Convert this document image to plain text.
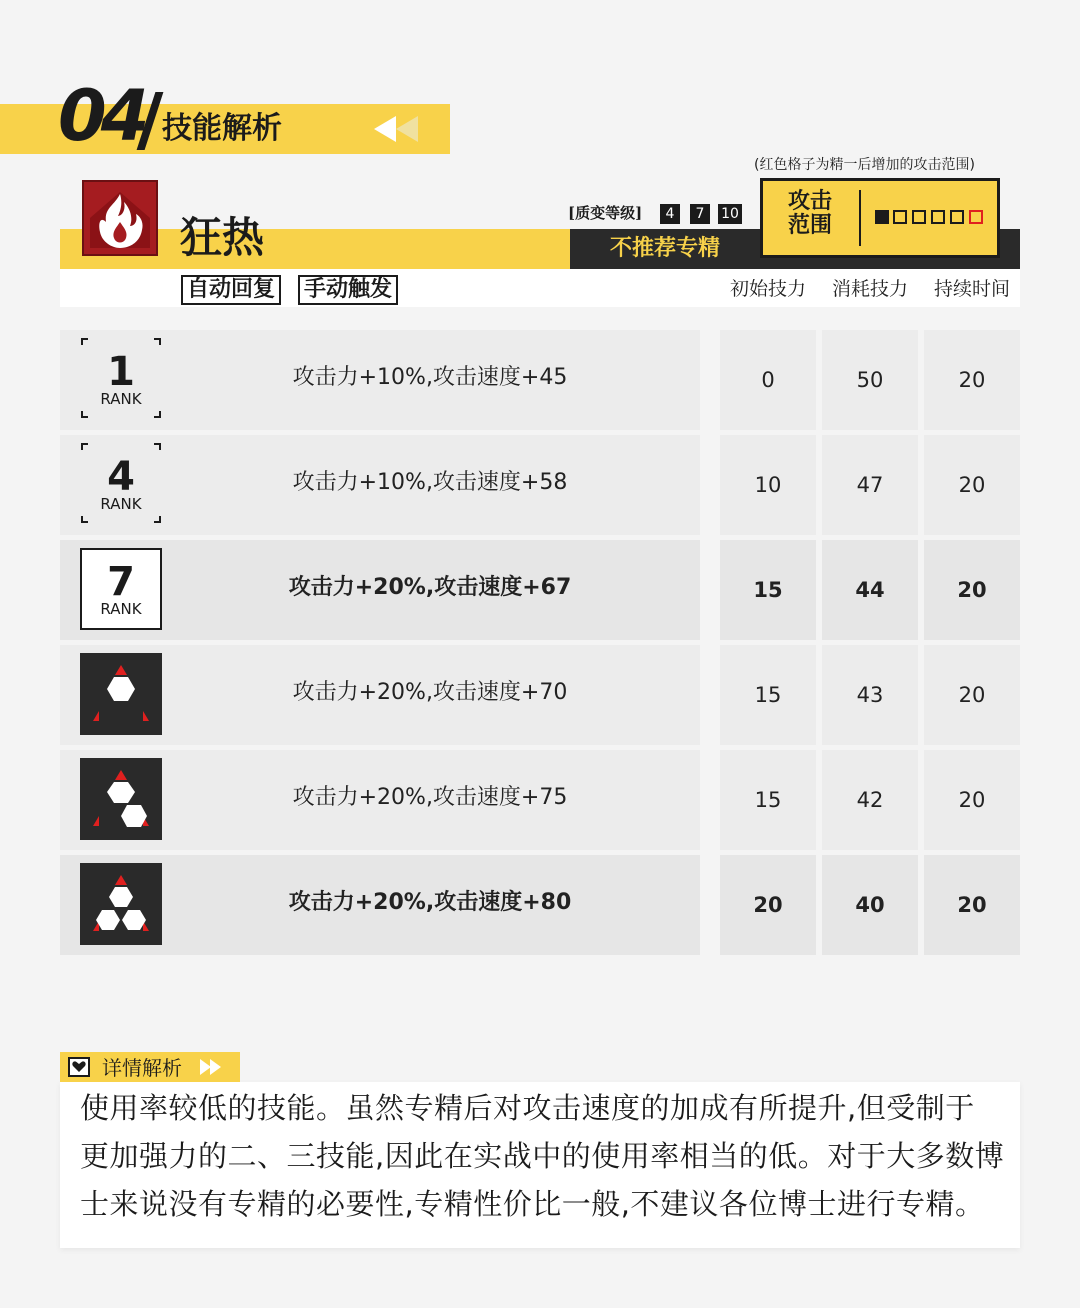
04 技能解析
狂热	不推荐专精
[质变等级]	4	7	10
(红色格子为精一后增加的攻击范围)
攻击
范围
自动回复 手动触发	初始技力	消耗技力	持续时间
1
RANK
攻击力+10%,攻击速度+45	0	50	20
4
RANK
攻击力+10%,攻击速度+58	10	47	20
7
RANK
攻击力+20%,攻击速度+67	15	44	20
攻击力+20%,攻击速度+70	15	43	20
攻击力+20%,攻击速度+75	15	42	20
攻击力+20%,攻击速度+80	20	40	20
详情解析
使用率较低的技能。虽然专精后对攻击速度的加成有所提升,但受制于
更加强力的二、三技能,因此在实战中的使用率相当的低。对于大多数博
士来说没有专精的必要性,专精性价比一般,不建议各位博士进行专精。
